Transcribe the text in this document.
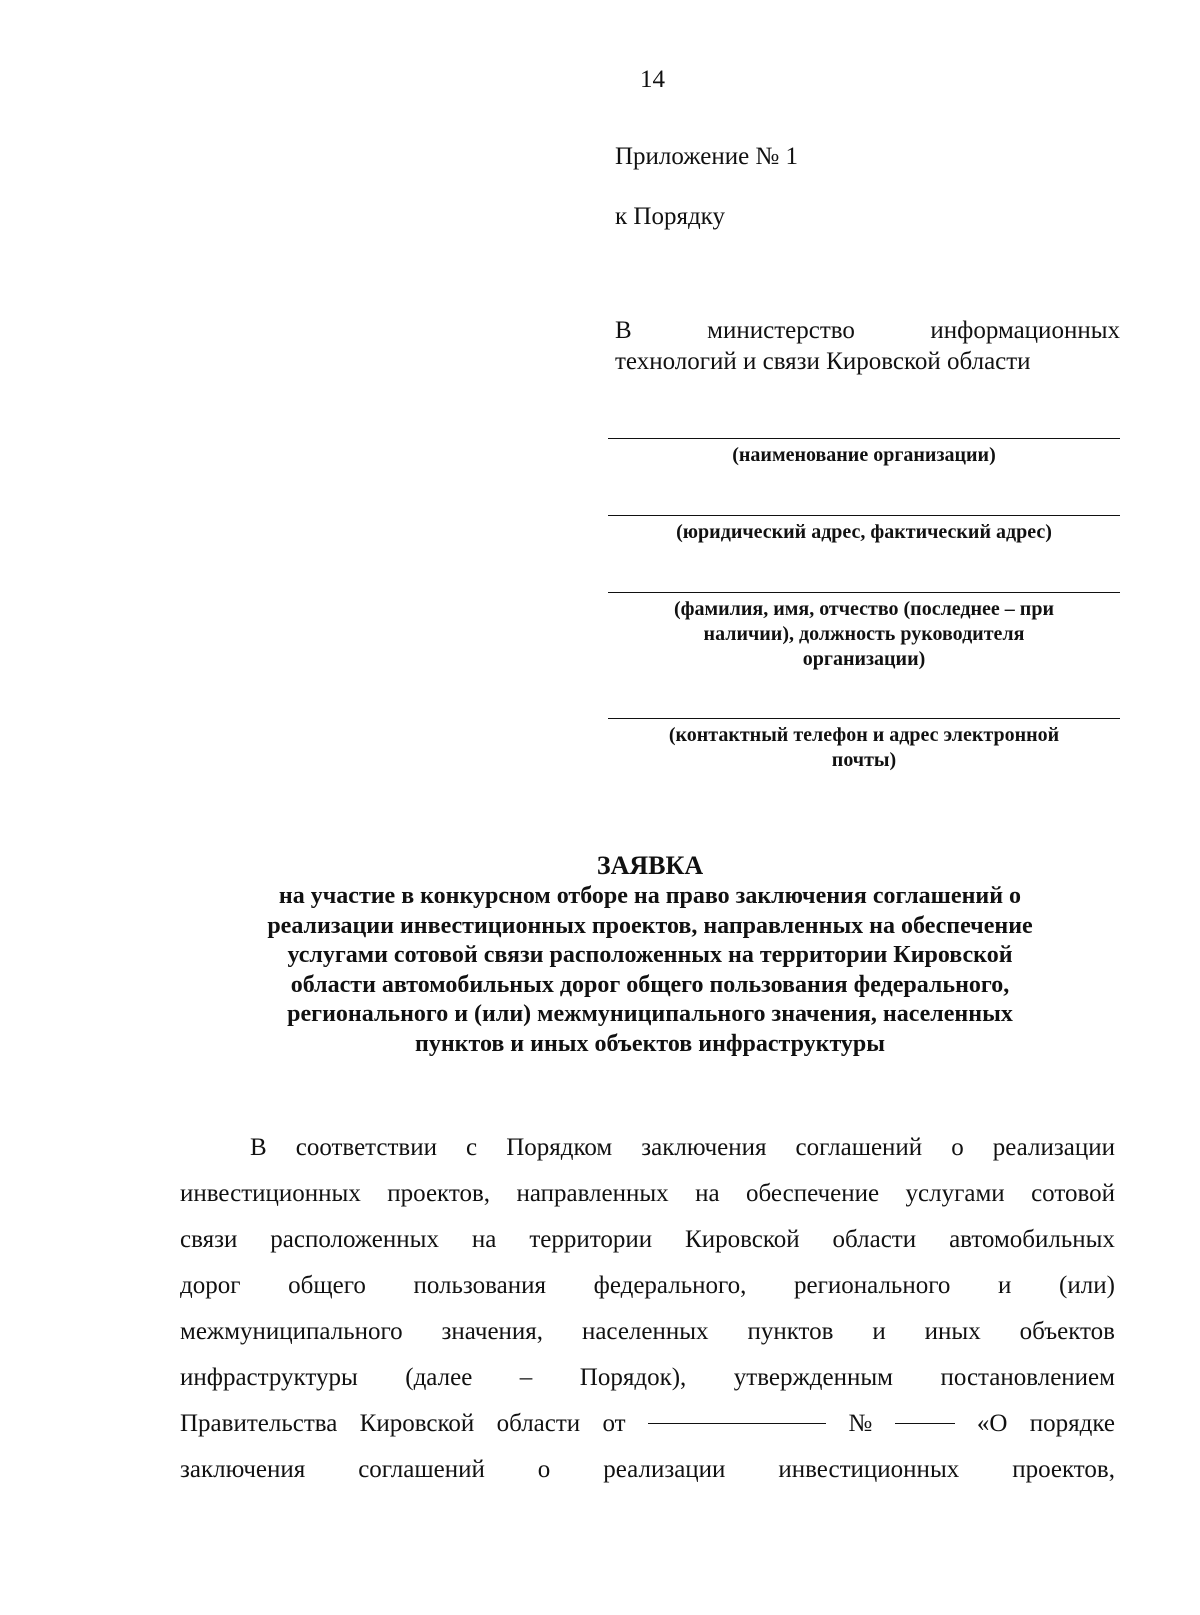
14
Приложение № 1
к Порядку
В	министерство	информационных
технологий и связи Кировской области
(наименование организации)
(юридический адрес, фактический адрес)
(фамилия, имя, отчество (последнее – при
наличии), должность руководителя
организации)
(контактный телефон и адрес электронной
почты)
ЗАЯВКА
на участие в конкурсном отборе на право заключения соглашений о
реализации инвестиционных проектов, направленных на обеспечение
услугами сотовой связи расположенных на территории Кировской
области автомобильных дорог общего пользования федерального,
регионального и (или) межмуниципального значения, населенных
пунктов и иных объектов инфраструктуры
В соответствии с Порядком заключения соглашений о реализации
инвестиционных проектов, направленных на обеспечение услугами сотовой
связи расположенных на территории Кировской области автомобильных
дорог общего пользования федерального, регионального и (или)
межмуниципального значения, населенных пунктов и иных объектов
инфраструктуры (далее – Порядок), утвержденным постановлением
Правительства Кировской области от	№	«О порядке
заключения соглашений о реализации инвестиционных проектов,
